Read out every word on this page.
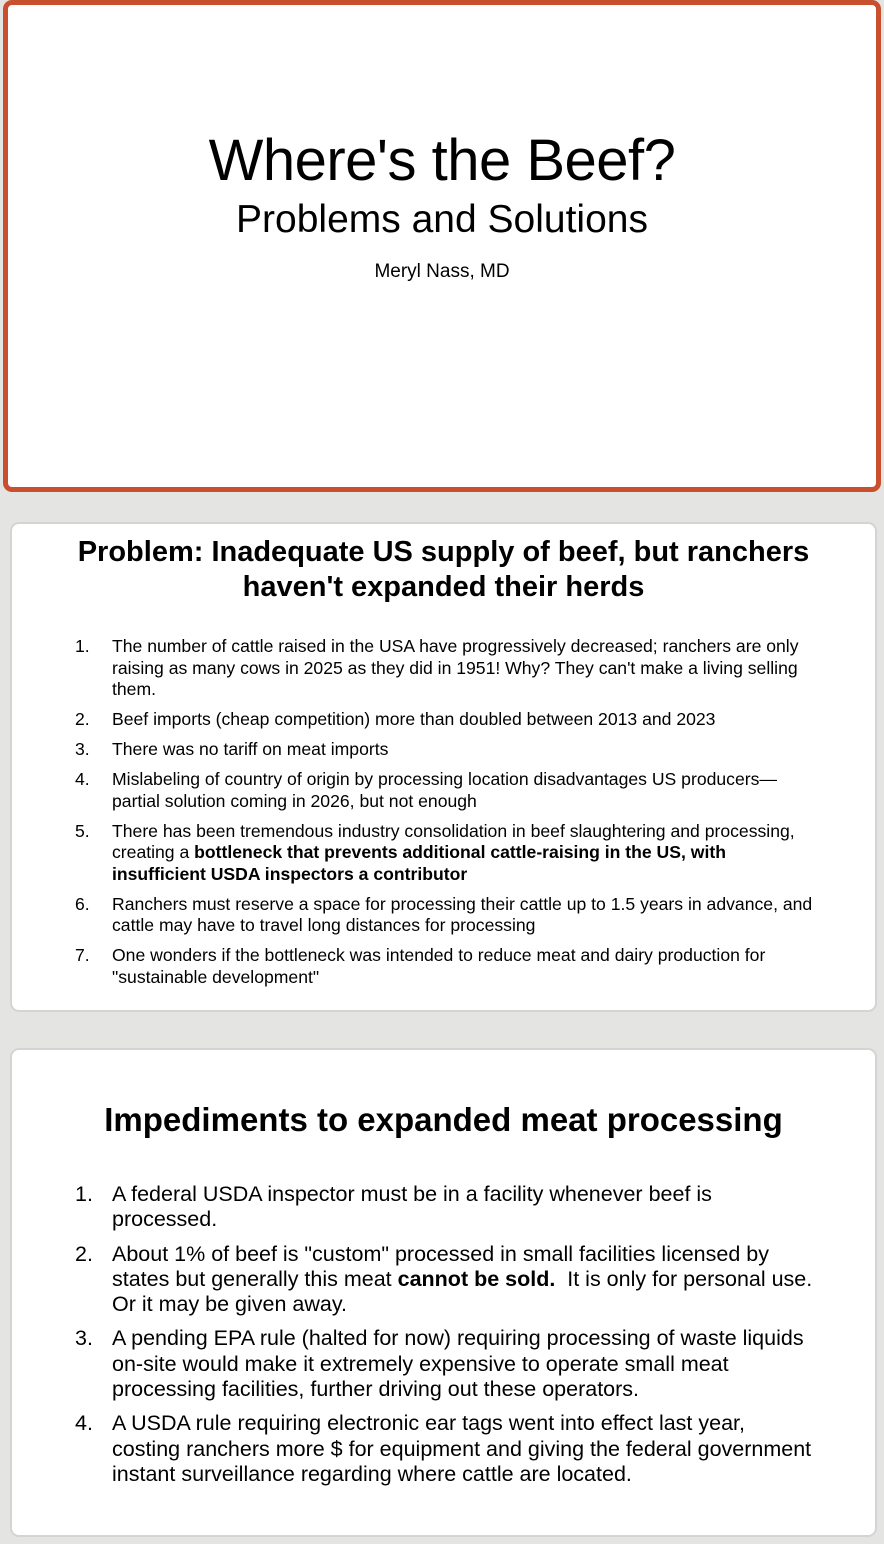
Where's the Beef?
Problems and Solutions
Meryl Nass, MD
Problem: Inadequate US supply of beef, but ranchers
haven't expanded their herds
1. The number of cattle raised in the USA have progressively decreased; ranchers are only raising as many cows in 2025 as they did in 1951! Why? They can't make a living selling them.
2. Beef imports (cheap competition) more than doubled between 2013 and 2023
3. There was no tariff on meat imports
4. Mislabeling of country of origin by processing location disadvantages US producers—partial solution coming in 2026, but not enough
5. There has been tremendous industry consolidation in beef slaughtering and processing, creating a bottleneck that prevents additional cattle-raising in the US, with insufficient USDA inspectors a contributor
6. Ranchers must reserve a space for processing their cattle up to 1.5 years in advance, and cattle may have to travel long distances for processing
7. One wonders if the bottleneck was intended to reduce meat and dairy production for "sustainable development"
Impediments to expanded meat processing
1. A federal USDA inspector must be in a facility whenever beef is processed.
2. About 1% of beef is "custom" processed in small facilities licensed by states but generally this meat cannot be sold.  It is only for personal use.  Or it may be given away.
3. A pending EPA rule (halted for now) requiring processing of waste liquids on-site would make it extremely expensive to operate small meat processing facilities, further driving out these operators.
4. A USDA rule requiring electronic ear tags went into effect last year, costing ranchers more $ for equipment and giving the federal government instant surveillance regarding where cattle are located.
